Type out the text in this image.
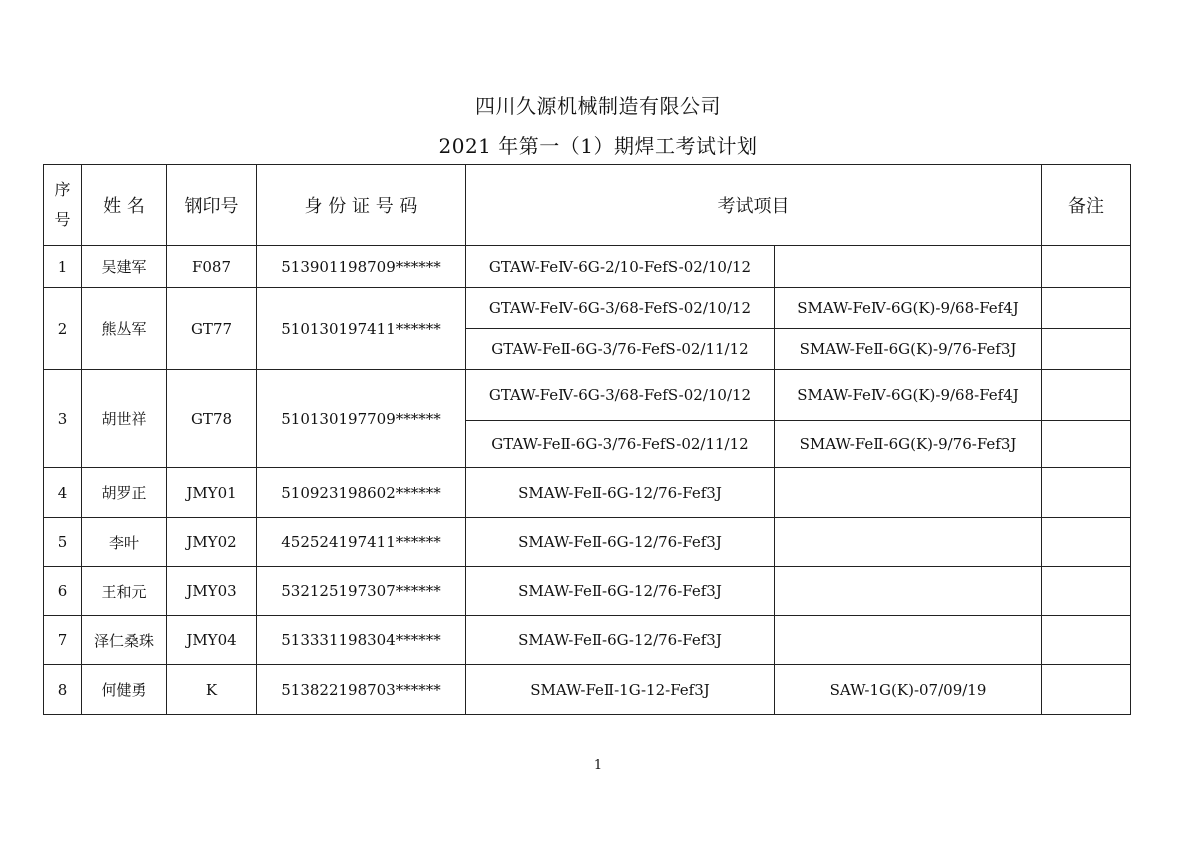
四川久源机械制造有限公司
2021 年第一（1）期焊工考试计划
序
号	姓 名	钢印号	身 份 证 号 码	考试项目		备注
1	吴建军	F087	513901198709******	GTAW-FeⅣ-6G-2/10-FefS-02/10/12		
2	熊丛军	GT77	510130197411******	GTAW-FeⅣ-6G-3/68-FefS-02/10/12	SMAW-FeⅣ-6G(K)-9/68-Fef4J	
				GTAW-FeⅡ-6G-3/76-FefS-02/11/12	SMAW-FeⅡ-6G(K)-9/76-Fef3J	
3	胡世祥	GT78	510130197709******	GTAW-FeⅣ-6G-3/68-FefS-02/10/12	SMAW-FeⅣ-6G(K)-9/68-Fef4J	
				GTAW-FeⅡ-6G-3/76-FefS-02/11/12	SMAW-FeⅡ-6G(K)-9/76-Fef3J	
4	胡罗正	JMY01	510923198602******	SMAW-FeⅡ-6G-12/76-Fef3J		
5	李叶	JMY02	452524197411******	SMAW-FeⅡ-6G-12/76-Fef3J		
6	王和元	JMY03	532125197307******	SMAW-FeⅡ-6G-12/76-Fef3J		
7	泽仁桑珠	JMY04	513331198304******	SMAW-FeⅡ-6G-12/76-Fef3J		
8	何健勇	K	513822198703******	SMAW-FeⅡ-1G-12-Fef3J	SAW-1G(K)-07/09/19	
1
